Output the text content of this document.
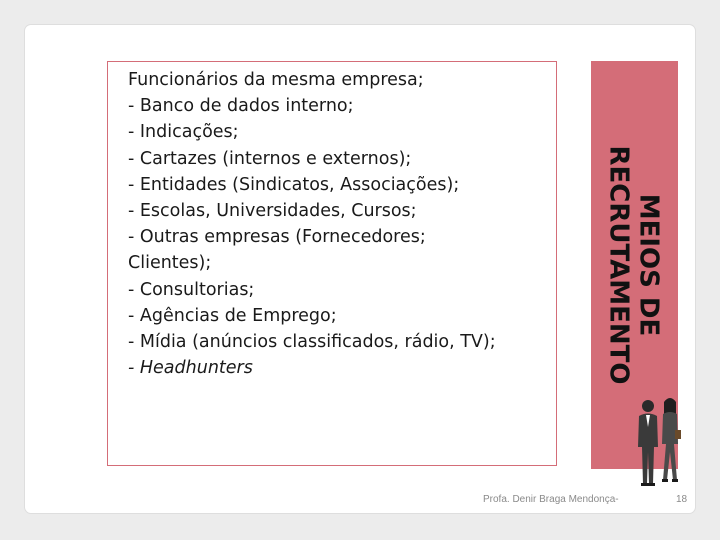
Funcionários da mesma empresa;
- Banco de dados interno;
- Indicações;
- Cartazes (internos e externos);
- Entidades (Sindicatos, Associações);
- Escolas, Universidades, Cursos;
- Outras empresas (Fornecedores;
Clientes);
- Consultorias;
- Agências de Emprego;
- Mídia (anúncios classificados, rádio, TV);
- Headhunters
MEIOS DE
RECRUTAMENTO
Profa. Denir Braga Mendonça-	18
